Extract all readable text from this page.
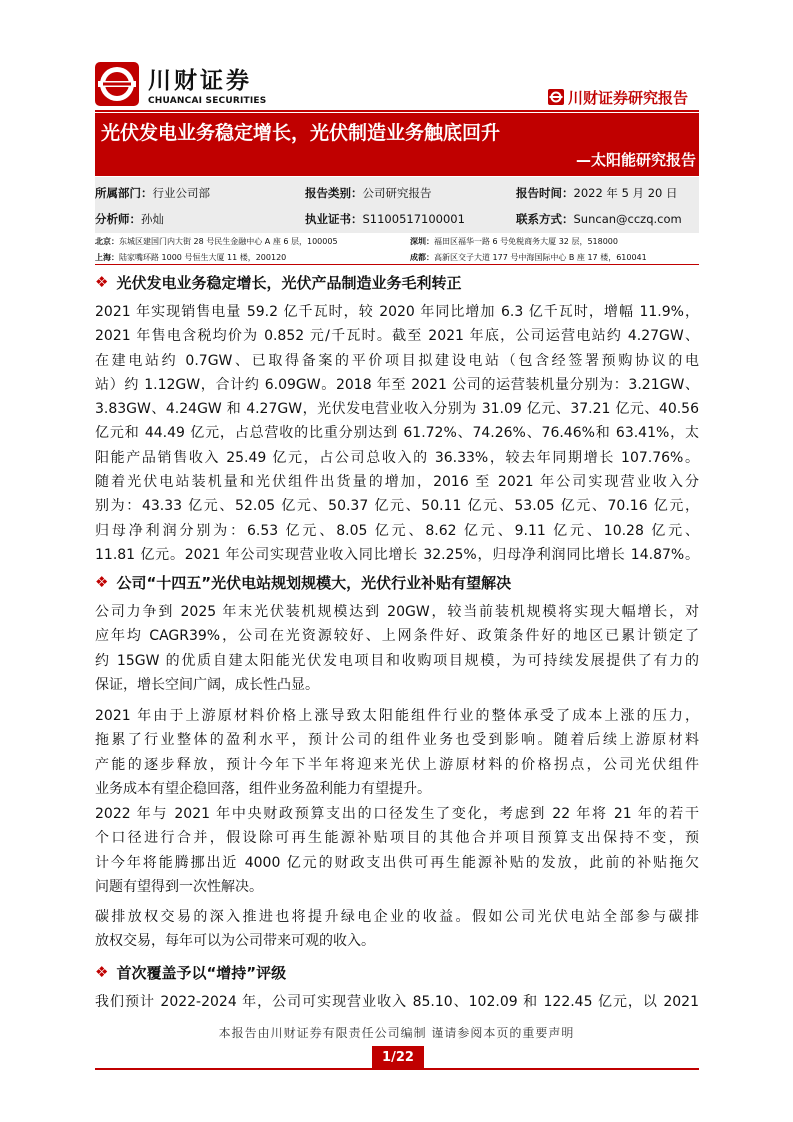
川财证券
CHUANCAI SECURITIES	川财证券研究报告
光伏发电业务稳定增长，光伏制造业务触底回升
—太阳能研究报告
所属部门：行业公司部	报告类别：公司研究报告	报告时间：2022 年 5 月 20 日
分析师：孙灿	执业证书：S1100517100001	联系方式：Suncan@cczq.com
北京：东城区建国门内大街 28 号民生金融中心 A 座 6 层，100005	深圳：福田区福华一路 6 号免税商务大厦 32 层，518000
上海：陆家嘴环路 1000 号恒生大厦 11 楼，200120	成都：高新区交子大道 177 号中海国际中心 B 座 17 楼，610041
❖ 光伏发电业务稳定增长，光伏产品制造业务毛利转正
2021 年实现销售电量 59.2 亿千瓦时，较 2020 年同比增加 6.3 亿千瓦时，增幅 11.9%，
2021 年售电含税均价为 0.852 元/千瓦时。截至 2021 年底，公司运营电站约 4.27GW、
在建电站约 0.7GW、已取得备案的平价项目拟建设电站（包含经签署预购协议的电
站）约 1.12GW，合计约 6.09GW。2018 年至 2021 公司的运营装机量分别为：3.21GW、
3.83GW、4.24GW 和 4.27GW，光伏发电营业收入分别为 31.09 亿元、37.21 亿元、40.56
亿元和 44.49 亿元，占总营收的比重分别达到 61.72%、74.26%、76.46%和 63.41%，太
阳能产品销售收入 25.49 亿元，占公司总收入的 36.33%，较去年同期增长 107.76%。
随着光伏电站装机量和光伏组件出货量的增加，2016 至 2021 年公司实现营业收入分
别为：43.33 亿元、52.05 亿元、50.37 亿元、50.11 亿元、53.05 亿元、70.16 亿元，
归母净利润分别为：6.53 亿元、8.05 亿元、8.62 亿元、9.11 亿元、10.28 亿元、
11.81 亿元。2021 年公司实现营业收入同比增长 32.25%，归母净利润同比增长 14.87%。
❖ 公司“十四五”光伏电站规划规模大，光伏行业补贴有望解决
公司力争到 2025 年末光伏装机规模达到 20GW，较当前装机规模将实现大幅增长，对
应年均 CAGR39%，公司在光资源较好、上网条件好、政策条件好的地区已累计锁定了
约 15GW 的优质自建太阳能光伏发电项目和收购项目规模，为可持续发展提供了有力的
保证，增长空间广阔，成长性凸显。
2021 年由于上游原材料价格上涨导致太阳能组件行业的整体承受了成本上涨的压力，
拖累了行业整体的盈利水平，预计公司的组件业务也受到影响。随着后续上游原材料
产能的逐步释放，预计今年下半年将迎来光伏上游原材料的价格拐点，公司光伏组件
业务成本有望企稳回落，组件业务盈利能力有望提升。
2022 年与 2021 年中央财政预算支出的口径发生了变化，考虑到 22 年将 21 年的若干
个口径进行合并，假设除可再生能源补贴项目的其他合并项目预算支出保持不变，预
计今年将能腾挪出近 4000 亿元的财政支出供可再生能源补贴的发放，此前的补贴拖欠
问题有望得到一次性解决。
碳排放权交易的深入推进也将提升绿电企业的收益。假如公司光伏电站全部参与碳排
放权交易，每年可以为公司带来可观的收入。
❖ 首次覆盖予以“增持”评级
我们预计 2022-2024 年，公司可实现营业收入 85.10、102.09 和 122.45 亿元，以 2021
本报告由川财证券有限责任公司编制 谨请参阅本页的重要声明
1/22
